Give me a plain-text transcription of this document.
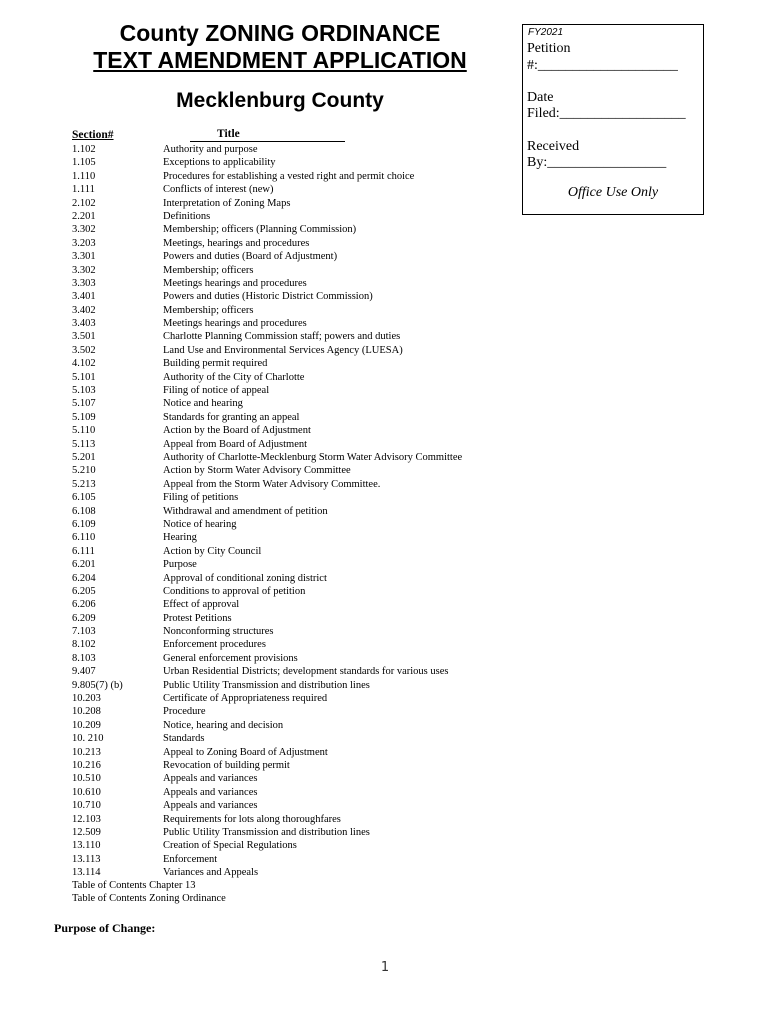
County ZONING ORDINANCE
TEXT AMENDMENT APPLICATION
Mecklenburg County
FY2021
Petition
#:____________________
Date
Filed:__________________
Received
By:_________________
Office Use Only
Section#	Title
1.102	Authority and purpose
1.105	Exceptions to applicability
1.110	Procedures for establishing a vested right and permit choice
1.111	Conflicts of interest (new)
2.102	Interpretation of Zoning Maps
2.201	Definitions
3.302	Membership; officers (Planning Commission)
3.203	Meetings, hearings and procedures
3.301	Powers and duties (Board of Adjustment)
3.302	Membership; officers
3.303	Meetings hearings and procedures
3.401	Powers and duties (Historic District Commission)
3.402	Membership; officers
3.403	Meetings hearings and procedures
3.501	Charlotte Planning Commission staff; powers and duties
3.502	Land Use and Environmental Services Agency (LUESA)
4.102	Building permit required
5.101	Authority of the City of Charlotte
5.103	Filing of notice of appeal
5.107	Notice and hearing
5.109	Standards for granting an appeal
5.110	Action by the Board of Adjustment
5.113	Appeal from Board of Adjustment
5.201	Authority of Charlotte-Mecklenburg Storm Water Advisory Committee
5.210	Action by Storm Water Advisory Committee
5.213	Appeal from the Storm Water Advisory Committee.
6.105	Filing of petitions
6.108	Withdrawal and amendment of petition
6.109	Notice of hearing
6.110	Hearing
6.111	Action by City Council
6.201	Purpose
6.204	Approval of conditional zoning district
6.205	Conditions to approval of petition
6.206	Effect of approval
6.209	Protest Petitions
7.103	Nonconforming structures
8.102	Enforcement procedures
8.103	General enforcement provisions
9.407	Urban Residential Districts; development standards for various uses
9.805(7) (b)	Public Utility Transmission and distribution lines
10.203	Certificate of Appropriateness required
10.208	Procedure
10.209	Notice, hearing and decision
10. 210	Standards
10.213	Appeal to Zoning Board of Adjustment
10.216	Revocation of building permit
10.510	Appeals and variances
10.610	Appeals and variances
10.710	Appeals and variances
12.103	Requirements for lots along thoroughfares
12.509	Public Utility Transmission and distribution lines
13.110	Creation of Special Regulations
13.113	Enforcement
13.114	Variances and Appeals
Table of Contents Chapter 13
Table of Contents Zoning Ordinance
Purpose of Change:
1
